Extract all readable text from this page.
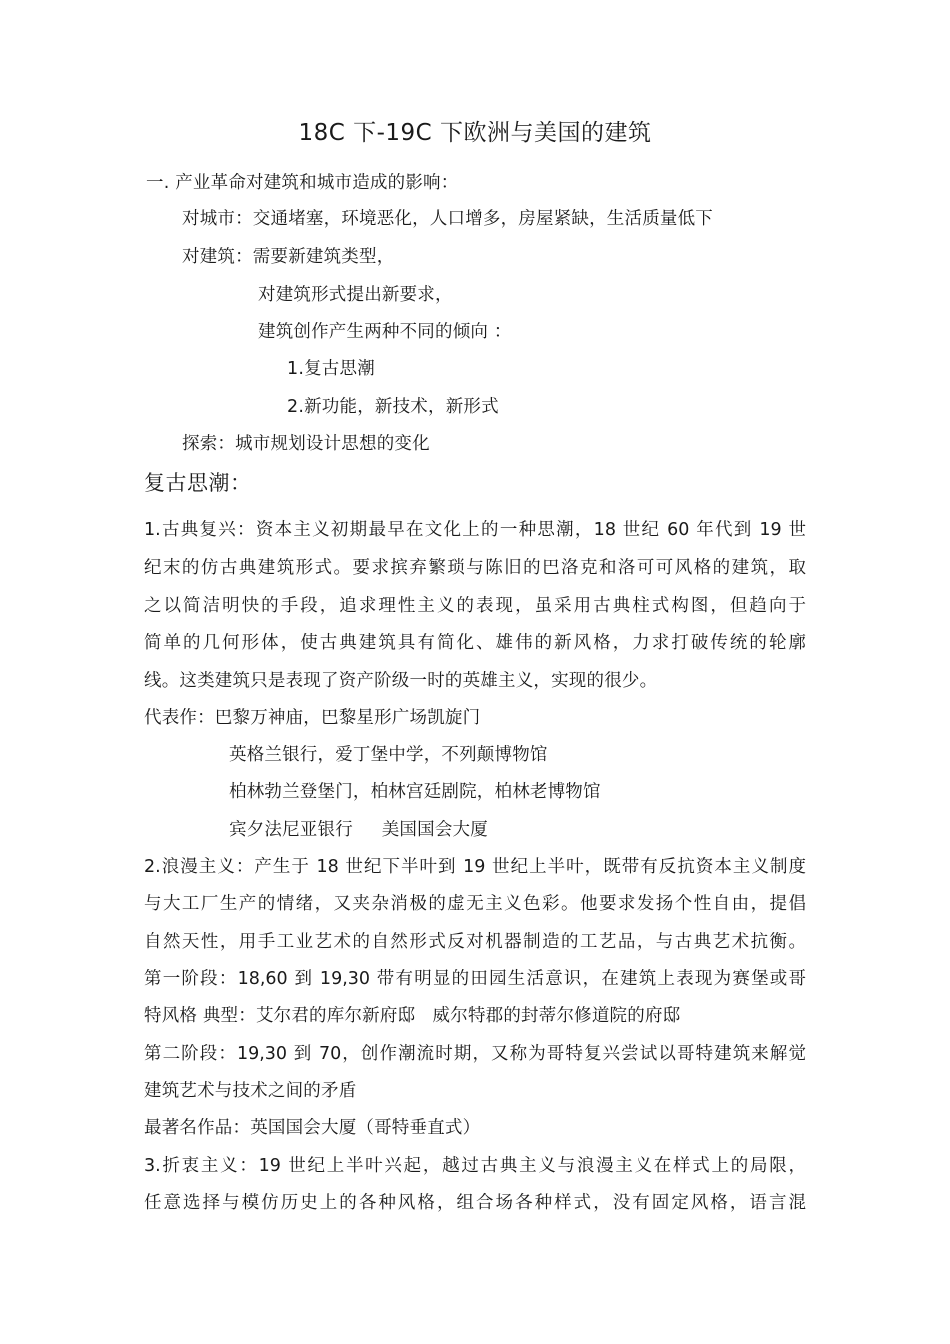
18C 下-19C 下欧洲与美国的建筑
一. 产业革命对建筑和城市造成的影响：
对城市：交通堵塞，环境恶化，人口增多，房屋紧缺，生活质量低下
对建筑：需要新建筑类型，
对建筑形式提出新要求，
建筑创作产生两种不同的倾向 ：
1.复古思潮
2.新功能，新技术，新形式
探索：城市规划设计思想的变化
复古思潮：
1.古典复兴：资本主义初期最早在文化上的一种思潮，18 世纪 60 年代到 19 世
纪末的仿古典建筑形式。要求摈弃繁琐与陈旧的巴洛克和洛可可风格的建筑，取
之以简洁明快的手段，追求理性主义的表现，虽采用古典柱式构图，但趋向于
简单的几何形体，使古典建筑具有简化、雄伟的新风格，力求打破传统的轮廓
线。这类建筑只是表现了资产阶级一时的英雄主义，实现的很少。
代表作：巴黎万神庙，巴黎星形广场凯旋门
英格兰银行，爱丁堡中学，不列颠博物馆
柏林勃兰登堡门，柏林宫廷剧院，柏林老博物馆
宾夕法尼亚银行     美国国会大厦
2.浪漫主义：产生于 18 世纪下半叶到 19 世纪上半叶，既带有反抗资本主义制度
与大工厂生产的情绪，又夹杂消极的虚无主义色彩。他要求发扬个性自由，提倡
自然天性，用手工业艺术的自然形式反对机器制造的工艺品，与古典艺术抗衡。
第一阶段：18,60 到 19,30 带有明显的田园生活意识，在建筑上表现为赛堡或哥
特风格 典型：艾尔君的库尔新府邸   威尔特郡的封蒂尔修道院的府邸
第二阶段：19,30 到 70，创作潮流时期，又称为哥特复兴尝试以哥特建筑来解觉
建筑艺术与技术之间的矛盾
最著名作品：英国国会大厦（哥特垂直式）
3.折衷主义：19 世纪上半叶兴起，越过古典主义与浪漫主义在样式上的局限，
任意选择与模仿历史上的各种风格，组合场各种样式，没有固定风格，语言混
